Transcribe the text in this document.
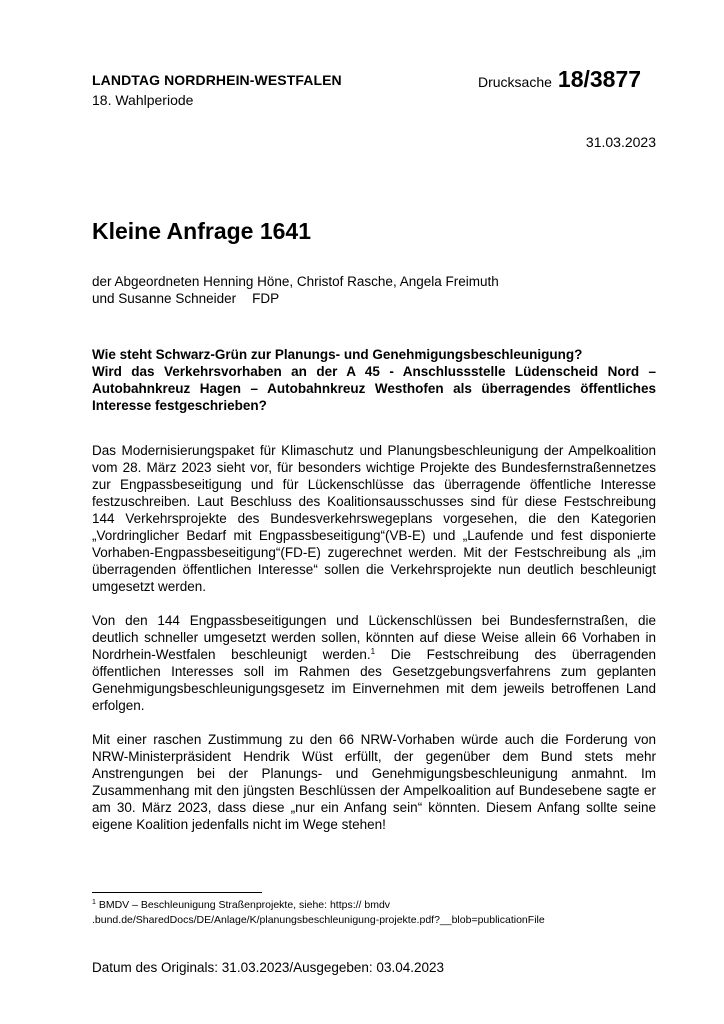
LANDTAG NORDRHEIN-WESTFALEN
18. Wahlperiode
Drucksache 18/3877
31.03.2023
Kleine Anfrage 1641
der Abgeordneten Henning Höne, Christof Rasche, Angela Freimuth
und Susanne Schneider FDP
Wie steht Schwarz-Grün zur Planungs- und Genehmigungsbeschleunigung?
Wird das Verkehrsvorhaben an der A 45 - Anschlussstelle Lüdenscheid Nord – Autobahnkreuz Hagen – Autobahnkreuz Westhofen als überragendes öffentliches Interesse festgeschrieben?

Das Modernisierungspaket für Klimaschutz und Planungsbeschleunigung der Ampelkoalition vom 28. März 2023 sieht vor, für besonders wichtige Projekte des Bundesfernstraßennetzes zur Engpassbeseitigung und für Lückenschlüsse das überragende öffentliche Interesse festzuschreiben. Laut Beschluss des Koalitionsausschusses sind für diese Festschreibung 144 Verkehrsprojekte des Bundesverkehrswegeplans vorgesehen, die den Kategorien „Vordringlicher Bedarf mit Engpassbeseitigung“(VB-E) und „Laufende und fest disponierte Vorhaben-Engpassbeseitigung“(FD-E) zugerechnet werden. Mit der Festschreibung als „im überragenden öffentlichen Interesse“ sollen die Verkehrsprojekte nun deutlich beschleunigt umgesetzt werden.

Von den 144 Engpassbeseitigungen und Lückenschlüssen bei Bundesfernstraßen, die deutlich schneller umgesetzt werden sollen, könnten auf diese Weise allein 66 Vorhaben in Nordrhein-Westfalen beschleunigt werden.$^1$ Die Festschreibung des überragenden öffentlichen Interesses soll im Rahmen des Gesetzgebungsverfahrens zum geplanten Genehmigungsbeschleunigungsgesetz im Einvernehmen mit dem jeweils betroffenen Land erfolgen.

Mit einer raschen Zustimmung zu den 66 NRW-Vorhaben würde auch die Forderung von NRW-Ministerpräsident Hendrik Wüst erfüllt, der gegenüber dem Bund stets mehr Anstrengungen bei der Planungs- und Genehmigungsbeschleunigung anmahnt. Im Zusammenhang mit den jüngsten Beschlüssen der Ampelkoalition auf Bundesebene sagte er am 30. März 2023, dass diese „nur ein Anfang sein“ könnten. Diesem Anfang sollte seine eigene Koalition jedenfalls nicht im Wege stehen!

$^1$ BMDV – Beschleunigung Straßenprojekte, siehe: https:// bmdv
.bund.de/SharedDocs/DE/Anlage/K/planungsbeschleunigung-projekte.pdf?__blob=publicationFile
Datum des Originals: 31.03.2023/Ausgegeben: 03.04.2023
